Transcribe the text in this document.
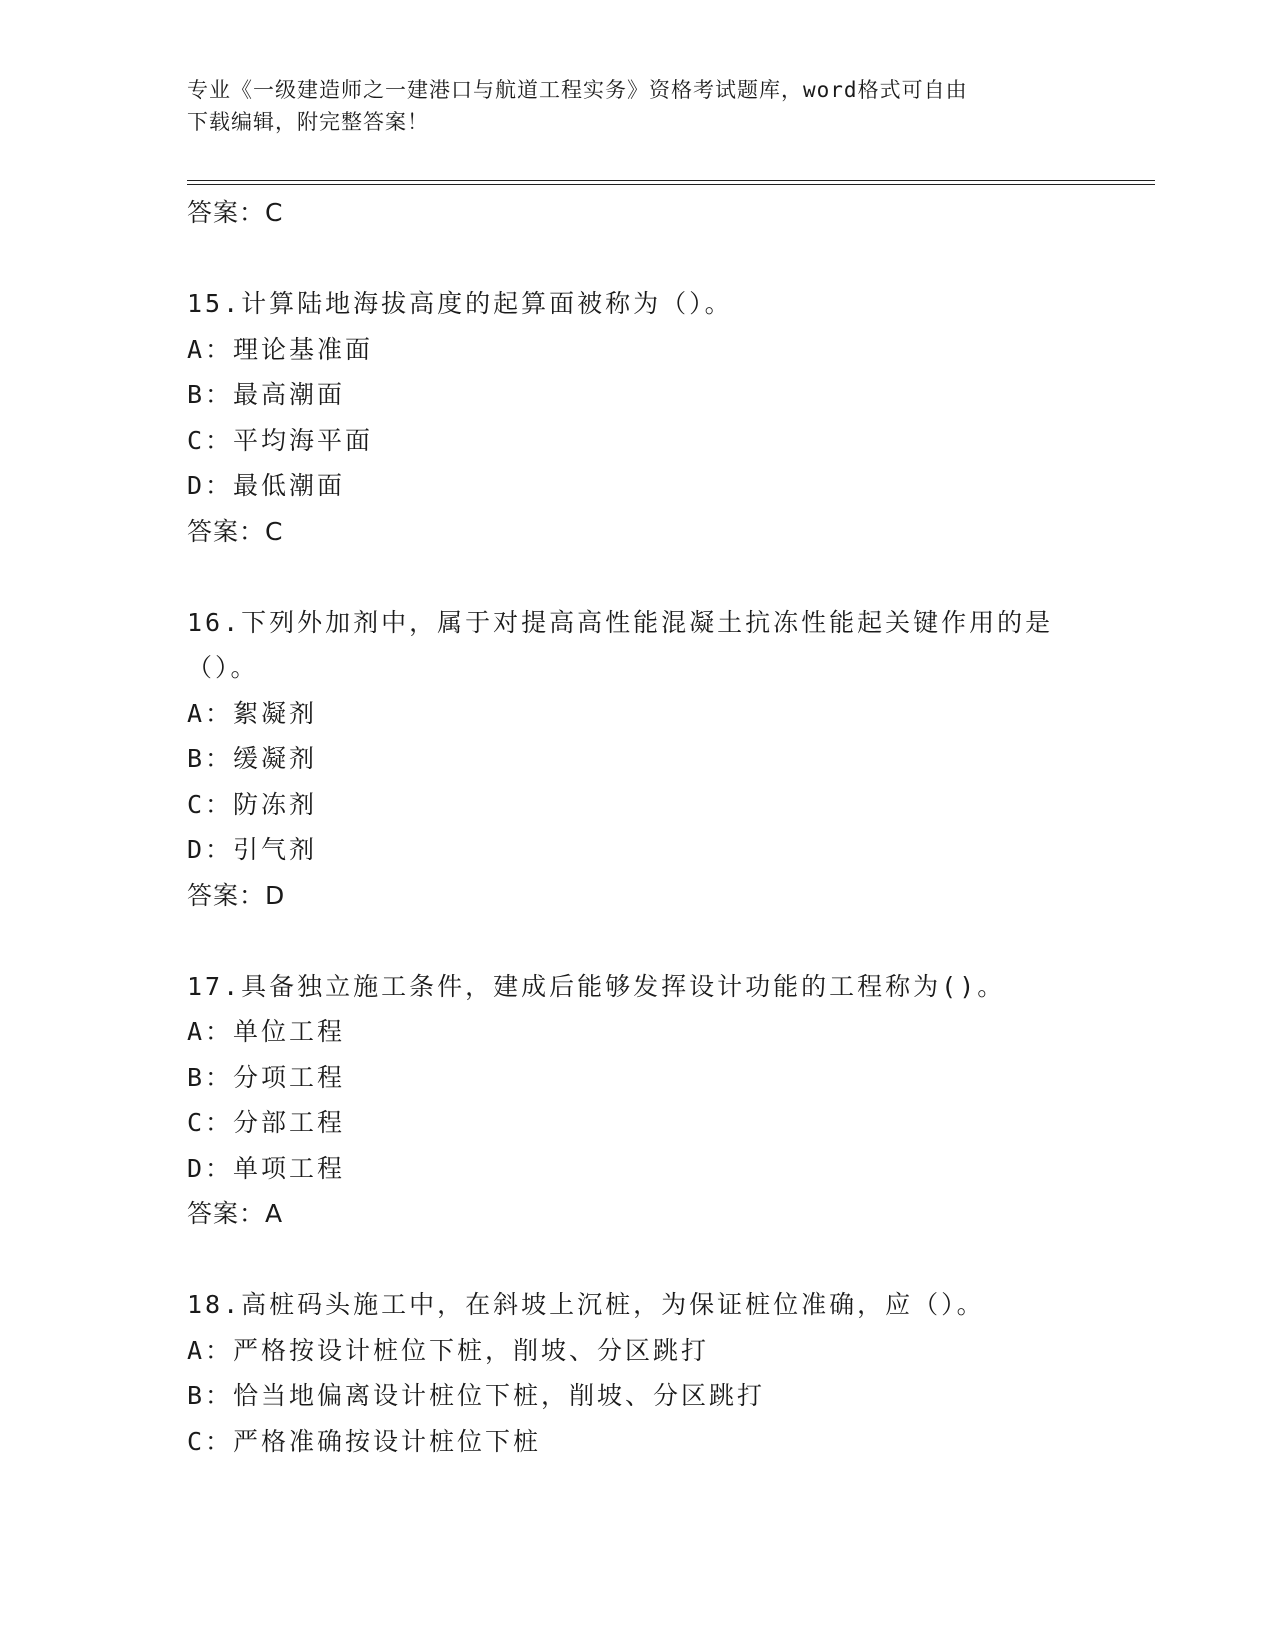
专业《一级建造师之一建港口与航道工程实务》资格考试题库，word格式可自由
下载编辑，附完整答案！
答案：C
15.计算陆地海拔高度的起算面被称为（）。
A：理论基准面
B：最高潮面
C：平均海平面
D：最低潮面
答案：C
16.下列外加剂中，属于对提高高性能混凝土抗冻性能起关键作用的是
（）。
A：絮凝剂
B：缓凝剂
C：防冻剂
D：引气剂
答案：D
17.具备独立施工条件，建成后能够发挥设计功能的工程称为()。
A：单位工程
B：分项工程
C：分部工程
D：单项工程
答案：A
18.高桩码头施工中，在斜坡上沉桩，为保证桩位准确，应（）。
A：严格按设计桩位下桩，削坡、分区跳打
B：恰当地偏离设计桩位下桩，削坡、分区跳打
C：严格准确按设计桩位下桩
